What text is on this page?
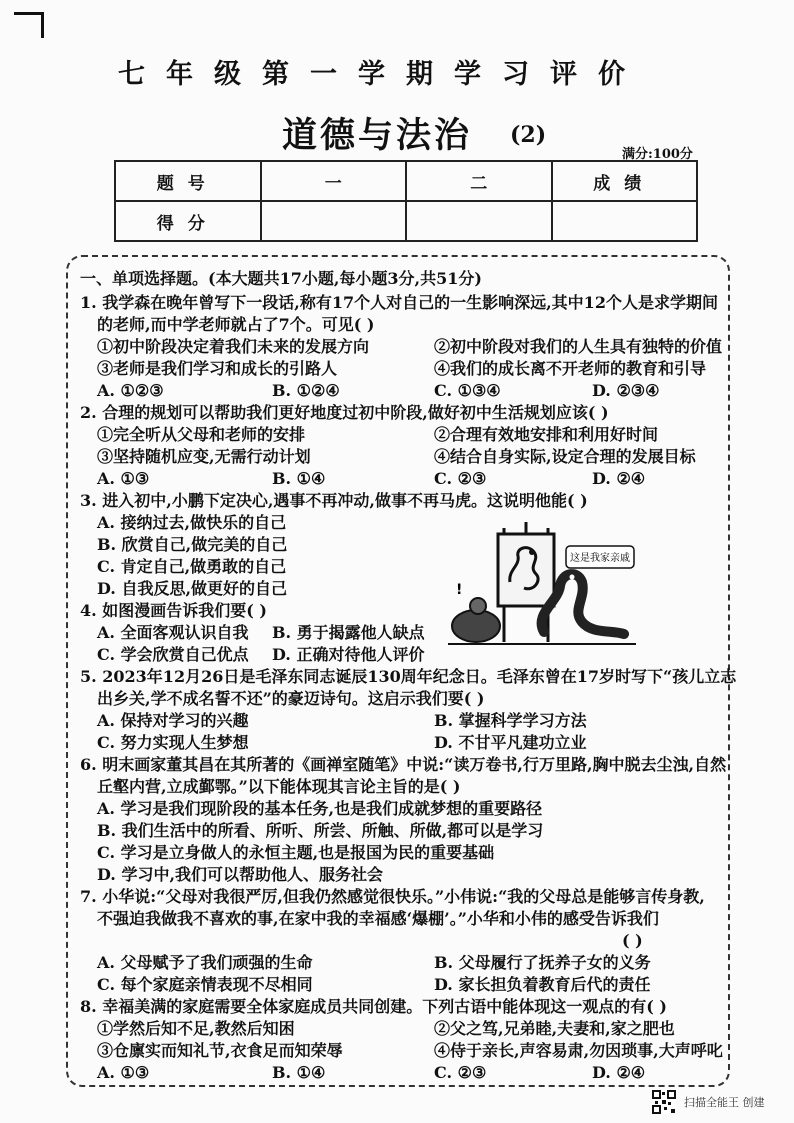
七年级第一学期学习评价
道德与法治 (2)
满分:100分
题号	一	二	成绩
得分			
一、单项选择题。(本大题共17小题,每小题3分,共51分)
1. 我学森在晚年曾写下一段话,称有17个人对自己的一生影响深远,其中12个人是求学期间
的老师,而中学老师就占了7个。可见( )
①初中阶段决定着我们未来的发展方向	②初中阶段对我们的人生具有独特的价值
③老师是我们学习和成长的引路人	④我们的成长离不开老师的教育和引导
A. ①②③	B. ①②④	C. ①③④	D. ②③④
2. 合理的规划可以帮助我们更好地度过初中阶段,做好初中生活规划应该( )
①完全听从父母和老师的安排	②合理有效地安排和利用好时间
③坚持随机应变,无需行动计划	④结合自身实际,设定合理的发展目标
A. ①③	B. ①④	C. ②③	D. ②④
3. 进入初中,小鹏下定决心,遇事不再冲动,做事不再马虎。这说明他能( )
A. 接纳过去,做快乐的自己
B. 欣赏自己,做完美的自己
C. 肯定自己,做勇敢的自己
D. 自我反思,做更好的自己
4. 如图漫画告诉我们要( )
A. 全面客观认识自我 B. 勇于揭露他人缺点
C. 学会欣赏自己优点 D. 正确对待他人评价
这是我家亲戚
!
5. 2023年12月26日是毛泽东同志诞辰130周年纪念日。毛泽东曾在17岁时写下“孩儿立志
出乡关,学不成名誓不还”的豪迈诗句。这启示我们要( )
A. 保持对学习的兴趣	B. 掌握科学学习方法
C. 努力实现人生梦想	D. 不甘平凡建功立业
6. 明末画家董其昌在其所著的《画禅室随笔》中说:“读万卷书,行万里路,胸中脱去尘浊,自然
丘壑内营,立成鄞鄂。”以下能体现其言论主旨的是( )
A. 学习是我们现阶段的基本任务,也是我们成就梦想的重要路径
B. 我们生活中的所看、所听、所尝、所触、所做,都可以是学习
C. 学习是立身做人的永恒主题,也是报国为民的重要基础
D. 学习中,我们可以帮助他人、服务社会
7. 小华说:“父母对我很严厉,但我仍然感觉很快乐。”小伟说:“我的父母总是能够言传身教,
不强迫我做我不喜欢的事,在家中我的幸福感‘爆棚’。”小华和小伟的感受告诉我们
( )
A. 父母赋予了我们顽强的生命	B. 父母履行了抚养子女的义务
C. 每个家庭亲情表现不尽相同	D. 家长担负着教育后代的责任
8. 幸福美满的家庭需要全体家庭成员共同创建。下列古语中能体现这一观点的有( )
①学然后知不足,教然后知困	②父之笃,兄弟睦,夫妻和,家之肥也
③仓廪实而知礼节,衣食足而知荣辱	④侍于亲长,声容易肃,勿因琐事,大声呼叱
A. ①③	B. ①④	C. ②③	D. ②④
扫描全能王 创建
